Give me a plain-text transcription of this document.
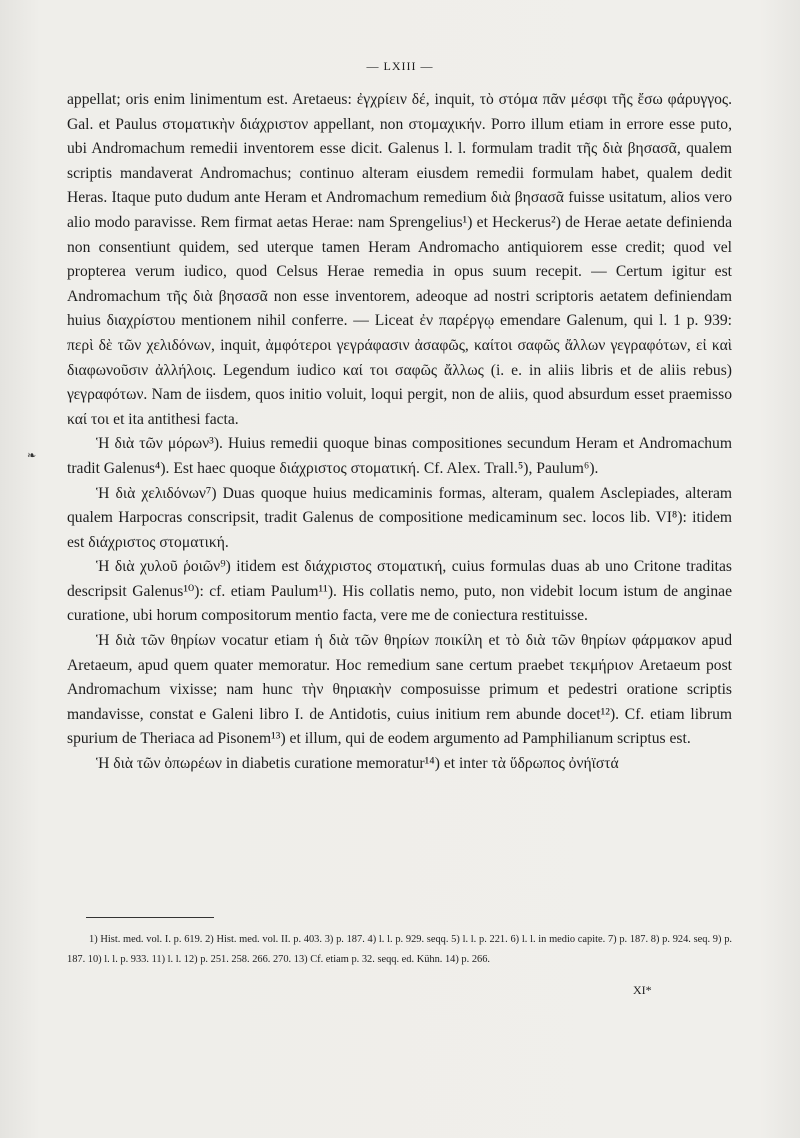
— LXIII —
❧

appellat; oris enim linimentum est. Aretaeus: ἐγχρίειν δέ, inquit, τὸ στόμα πᾶν μέσφι τῆς ἔσω φάρυγγος. Gal. et Paulus στοματικὴν διάχριστον appellant, non στομαχικήν. Porro illum etiam in errore esse puto, ubi Andromachum remedii inventorem esse dicit. Galenus l. l. formulam tradit τῆς διὰ βησασᾶ, qualem scriptis mandaverat Andromachus; continuo alteram eiusdem remedii formulam habet, qualem dedit Heras. Itaque puto dudum ante Heram et Andromachum remedium διὰ βησασᾶ fuisse usitatum, alios vero alio modo paravisse. Rem firmat aetas Herae: nam Sprengelius¹) et Heckerus²) de Herae aetate definienda non consentiunt quidem, sed uterque tamen Heram Andromacho antiquiorem esse credit; quod vel propterea verum iudico, quod Celsus Herae remedia in opus suum recepit. — Certum igitur est Andromachum τῆς διὰ βησασᾶ non esse inventorem, adeoque ad nostri scriptoris aetatem definiendam huius διαχρίστου mentionem nihil conferre. — Liceat ἐν παρέργῳ emendare Galenum, qui l. 1 p. 939: περὶ δὲ τῶν χελιδόνων, inquit, ἀμφότεροι γεγράφασιν ἀσαφῶς, καίτοι σαφῶς ἄλλων γεγραφότων, εἰ καὶ διαφωνοῦσιν ἀλλήλοις. Legendum iudico καί τοι σαφῶς ἄλλως (i. e. in aliis libris et de aliis rebus) γεγραφότων. Nam de iisdem, quos initio voluit, loqui pergit, non de aliis, quod absurdum esset praemisso καί τοι et ita antithesi facta.

Ἡ διὰ τῶν μόρων³). Huius remedii quoque binas compositiones secundum Heram et Andromachum tradit Galenus⁴). Est haec quoque διάχριστος στοματική. Cf. Alex. Trall.⁵), Paulum⁶).

Ἡ διὰ χελιδόνων⁷) Duas quoque huius medicaminis formas, alteram, qualem Asclepiades, alteram qualem Harpocras conscripsit, tradit Galenus de compositione medicaminum sec. locos lib. VI⁸): itidem est διάχριστος στοματική.

Ἡ διὰ χυλοῦ ῥοιῶν⁹) itidem est διάχριστος στοματική, cuius formulas duas ab uno Critone traditas descripsit Galenus¹⁰): cf. etiam Paulum¹¹). His collatis nemo, puto, non videbit locum istum de anginae curatione, ubi horum compositorum mentio facta, vere me de coniectura restituisse.

Ἡ διὰ τῶν θηρίων vocatur etiam ἡ διὰ τῶν θηρίων ποικίλη et τὸ διὰ τῶν θηρίων φάρμακον apud Aretaeum, apud quem quater memoratur. Hoc remedium sane certum praebet τεκμήριον Aretaeum post Andromachum vixisse; nam hunc τὴν θηριακὴν composuisse primum et pedestri oratione scriptis mandavisse, constat e Galeni libro I. de Antidotis, cuius initium rem abunde docet¹²). Cf. etiam librum spurium de Theriaca ad Pisonem¹³) et illum, qui de eodem argumento ad Pamphilianum scriptus est.

Ἡ διὰ τῶν ὀπωρέων in diabetis curatione memoratur¹⁴) et inter τὰ ὕδρωπος ὀνήϊστά

1) Hist. med. vol. I. p. 619. 2) Hist. med. vol. II. p. 403. 3) p. 187. 4) l. l. p. 929. seqq. 5) l. l. p. 221. 6) l. l. in medio capite. 7) p. 187. 8) p. 924. seq. 9) p. 187. 10) l. l. p. 933. 11) l. l. 12) p. 251. 258. 266. 270. 13) Cf. etiam p. 32. seqq. ed. Kühn. 14) p. 266.

XI*
